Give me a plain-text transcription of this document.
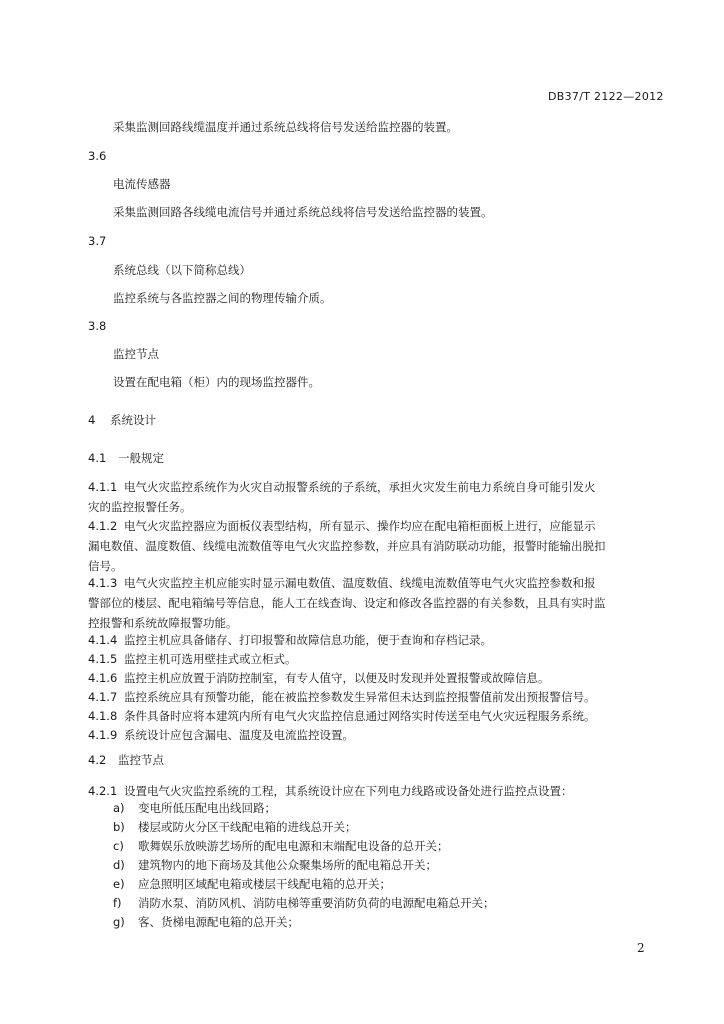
DB37/T 2122—2012
采集监测回路线缆温度并通过系统总线将信号发送给监控器的装置。
3.6
电流传感器
采集监测回路各线缆电流信号并通过系统总线将信号发送给监控器的装置。
3.7
系统总线（以下简称总线）
监控系统与各监控器之间的物理传输介质。
3.8
监控节点
设置在配电箱（柜）内的现场监控器件。
4 系统设计
4.1 一般规定
4.1.1 电气火灾监控系统作为火灾自动报警系统的子系统，承担火灾发生前电力系统自身可能引发火
灾的监控报警任务。
4.1.2 电气火灾监控器应为面板仪表型结构，所有显示、操作均应在配电箱柜面板上进行，应能显示
漏电数值、温度数值、线缆电流数值等电气火灾监控参数，并应具有消防联动功能，报警时能输出脱扣
信号。
4.1.3 电气火灾监控主机应能实时显示漏电数值、温度数值、线缆电流数值等电气火灾监控参数和报
警部位的楼层、配电箱编号等信息，能人工在线查询、设定和修改各监控器的有关参数，且具有实时监
控报警和系统故障报警功能。
4.1.4 监控主机应具备储存、打印报警和故障信息功能，便于查询和存档记录。
4.1.5 监控主机可选用壁挂式或立柜式。
4.1.6 监控主机应放置于消防控制室，有专人值守，以便及时发现并处置报警或故障信息。
4.1.7 监控系统应具有预警功能，能在被监控参数发生异常但未达到监控报警值前发出预报警信号。
4.1.8 条件具备时应将本建筑内所有电气火灾监控信息通过网络实时传送至电气火灾远程服务系统。
4.1.9 系统设计应包含漏电、温度及电流监控设置。
4.2 监控节点
4.2.1 设置电气火灾监控系统的工程，其系统设计应在下列电力线路或设备处进行监控点设置：
a) 变电所低压配电出线回路；
b) 楼层或防火分区干线配电箱的进线总开关；
c) 歌舞娱乐放映游艺场所的配电电源和末端配电设备的总开关；
d) 建筑物内的地下商场及其他公众聚集场所的配电箱总开关；
e) 应急照明区域配电箱或楼层干线配电箱的总开关；
f) 消防水泵、消防风机、消防电梯等重要消防负荷的电源配电箱总开关；
g) 客、货梯电源配电箱的总开关；
2
